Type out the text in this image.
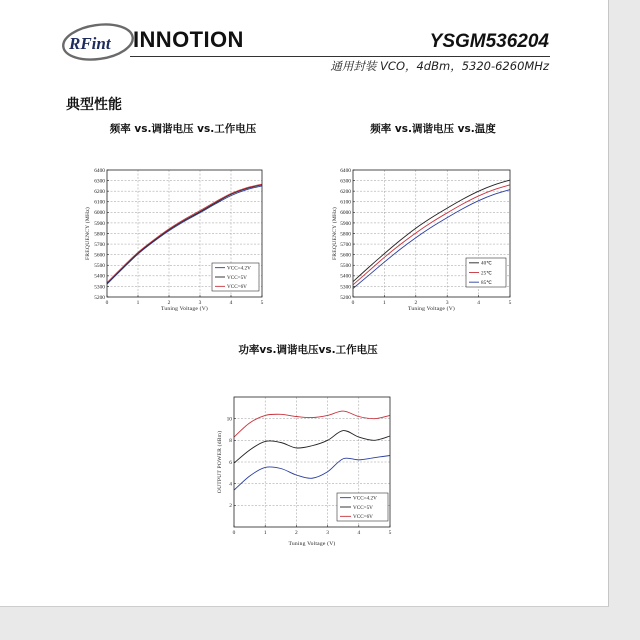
RFint INNOTION	YSGM536204
通用封装 VCO，4dBm，5320-6260MHz
典型性能
频率 vs.调谐电压 vs.工作电压	频率 vs.调谐电压 vs.温度
功率vs.调谐电压vs.工作电压
0	1	2	3	4	5
6400
6300
6200
6100
6000
5900
5800
5700
5600
5500
5400
5300
5200
Tuning Voltage (V)
FREQUENCY (MHz)
VCC=4.2V
VCC=5V
VCC=6V
0	1	2	3	4	5
6400
6300
6200
6100
6000
5900
5800
5700
5600
5500
5400
5300
5200
Tuning Voltage (V)
FREQUENCY (MHz)
40℃
25℃
85℃
0	1	2	3	4	5
10
8
6
4
2
Tuning Voltage (V)
OUTPUT POWER (dBm)
VCC=4.2V
VCC=5V
VCC=6V
